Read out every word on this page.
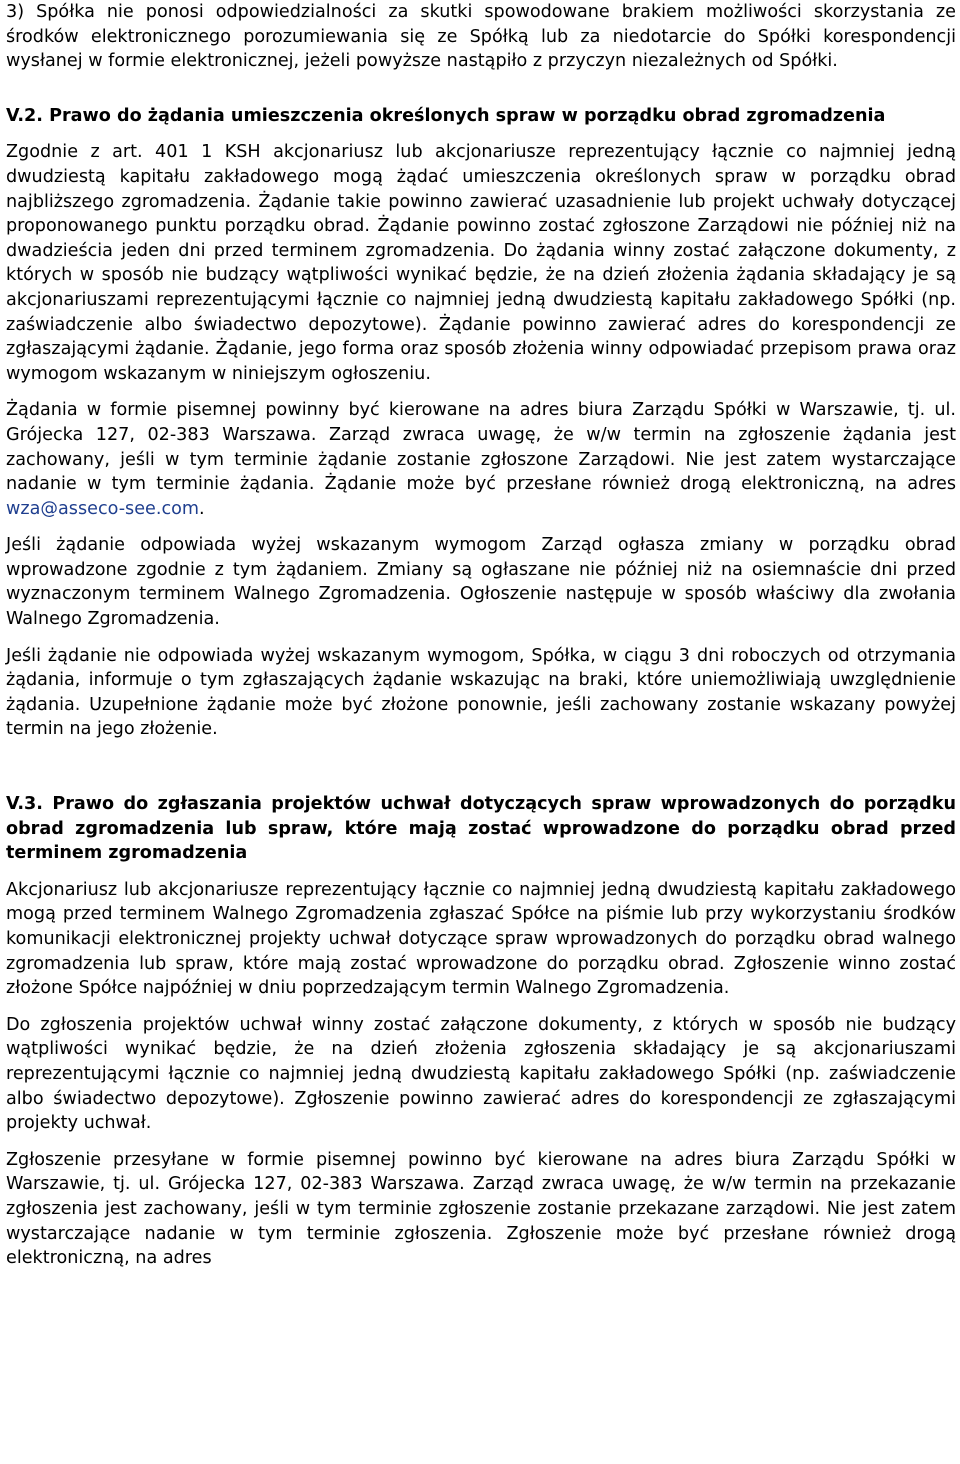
3) Spółka nie ponosi odpowiedzialności za skutki spowodowane brakiem możliwości skorzystania ze środków elektronicznego porozumiewania się ze Spółką lub za niedotarcie do Spółki korespondencji wysłanej w formie elektronicznej, jeżeli powyższe nastąpiło z przyczyn niezależnych od Spółki.

V.2. Prawo do żądania umieszczenia określonych spraw w porządku obrad zgromadzenia

Zgodnie z art. 401 1 KSH akcjonariusz lub akcjonariusze reprezentujący łącznie co najmniej jedną dwudziestą kapitału zakładowego mogą żądać umieszczenia określonych spraw w porządku obrad najbliższego zgromadzenia. Żądanie takie powinno zawierać uzasadnienie lub projekt uchwały dotyczącej proponowanego punktu porządku obrad. Żądanie powinno zostać zgłoszone Zarządowi nie później niż na dwadzieścia jeden dni przed terminem zgromadzenia. Do żądania winny zostać załączone dokumenty, z których w sposób nie budzący wątpliwości wynikać będzie, że na dzień złożenia żądania składający je są akcjonariuszami reprezentującymi łącznie co najmniej jedną dwudziestą kapitału zakładowego Spółki (np. zaświadczenie albo świadectwo depozytowe). Żądanie powinno zawierać adres do korespondencji ze zgłaszającymi żądanie. Żądanie, jego forma oraz sposób złożenia winny odpowiadać przepisom prawa oraz wymogom wskazanym w niniejszym ogłoszeniu.

Żądania w formie pisemnej powinny być kierowane na adres biura Zarządu Spółki w Warszawie, tj. ul. Grójecka 127, 02-383 Warszawa. Zarząd zwraca uwagę, że w/w termin na zgłoszenie żądania jest zachowany, jeśli w tym terminie żądanie zostanie zgłoszone Zarządowi. Nie jest zatem wystarczające nadanie w tym terminie żądania. Żądanie może być przesłane również drogą elektroniczną, na adres wza@asseco-see.com.

Jeśli żądanie odpowiada wyżej wskazanym wymogom Zarząd ogłasza zmiany w porządku obrad wprowadzone zgodnie z tym żądaniem. Zmiany są ogłaszane nie później niż na osiemnaście dni przed wyznaczonym terminem Walnego Zgromadzenia. Ogłoszenie następuje w sposób właściwy dla zwołania Walnego Zgromadzenia.

Jeśli żądanie nie odpowiada wyżej wskazanym wymogom, Spółka, w ciągu 3 dni roboczych od otrzymania żądania, informuje o tym zgłaszających żądanie wskazując na braki, które uniemożliwiają uwzględnienie żądania. Uzupełnione żądanie może być złożone ponownie, jeśli zachowany zostanie wskazany powyżej termin na jego złożenie.

V.3. Prawo do zgłaszania projektów uchwał dotyczących spraw wprowadzonych do porządku obrad zgromadzenia lub spraw, które mają zostać wprowadzone do porządku obrad przed terminem zgromadzenia

Akcjonariusz lub akcjonariusze reprezentujący łącznie co najmniej jedną dwudziestą kapitału zakładowego mogą przed terminem Walnego Zgromadzenia zgłaszać Spółce na piśmie lub przy wykorzystaniu środków komunikacji elektronicznej projekty uchwał dotyczące spraw wprowadzonych do porządku obrad walnego zgromadzenia lub spraw, które mają zostać wprowadzone do porządku obrad. Zgłoszenie winno zostać złożone Spółce najpóźniej w dniu poprzedzającym termin Walnego Zgromadzenia.

Do zgłoszenia projektów uchwał winny zostać załączone dokumenty, z których w sposób nie budzący wątpliwości wynikać będzie, że na dzień złożenia zgłoszenia składający je są akcjonariuszami reprezentującymi łącznie co najmniej jedną dwudziestą kapitału zakładowego Spółki (np. zaświadczenie albo świadectwo depozytowe). Zgłoszenie powinno zawierać adres do korespondencji ze zgłaszającymi projekty uchwał.

Zgłoszenie przesyłane w formie pisemnej powinno być kierowane na adres biura Zarządu Spółki w Warszawie, tj. ul. Grójecka 127, 02-383 Warszawa. Zarząd zwraca uwagę, że w/w termin na przekazanie zgłoszenia jest zachowany, jeśli w tym terminie zgłoszenie zostanie przekazane zarządowi. Nie jest zatem wystarczające nadanie w tym terminie zgłoszenia. Zgłoszenie może być przesłane również drogą elektroniczną, na adres
